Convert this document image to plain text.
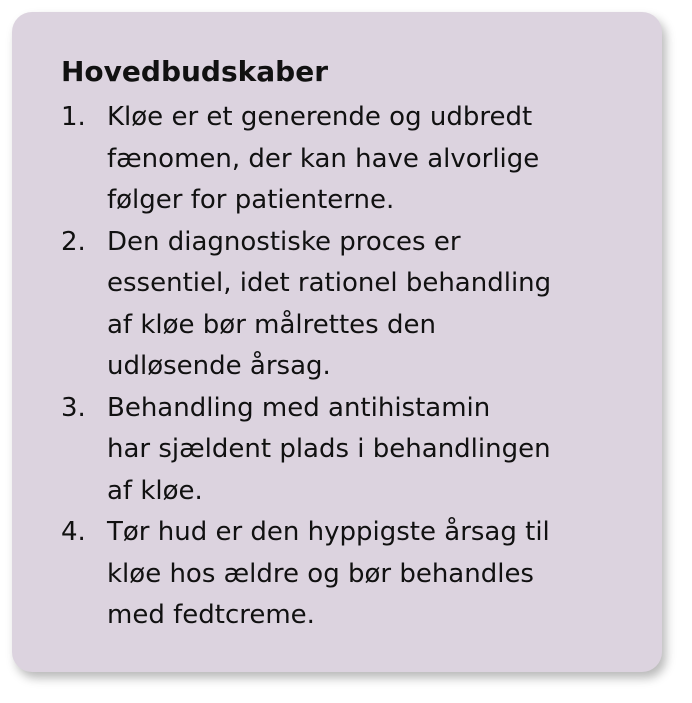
Hovedbudskaber
1. Kløe er et generende og udbredt
fænomen, der kan have alvorlige
følger for patienterne.
2. Den diagnostiske proces er
essentiel, idet rationel behandling
af kløe bør målrettes den
udløsende årsag.
3. Behandling med antihistamin
har sjældent plads i behandlingen
af kløe.
4. Tør hud er den hyppigste årsag til
kløe hos ældre og bør behandles
med fedtcreme.
